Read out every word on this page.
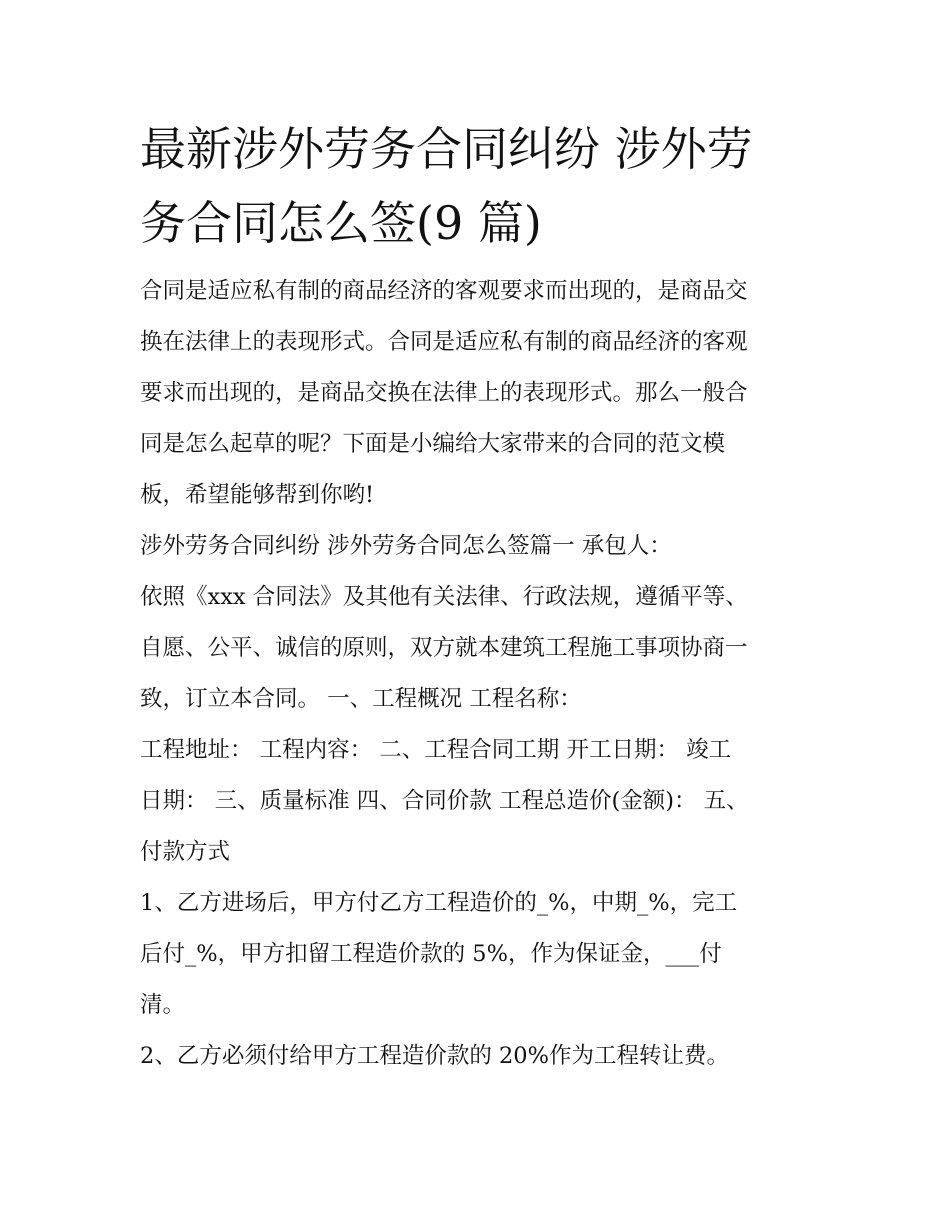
最新涉外劳务合同纠纷 涉外劳
务合同怎么签(9 篇)

合同是适应私有制的商品经济的客观要求而出现的，是商品交
换在法律上的表现形式。合同是适应私有制的商品经济的客观
要求而出现的，是商品交换在法律上的表现形式。那么一般合
同是怎么起草的呢？下面是小编给大家带来的合同的范文模
板，希望能够帮到你哟!

涉外劳务合同纠纷 涉外劳务合同怎么签篇一 承包人：

依照《xxx 合同法》及其他有关法律、行政法规，遵循平等、
自愿、公平、诚信的原则，双方就本建筑工程施工事项协商一
致，订立本合同。 一、工程概况 工程名称：

工程地址： 工程内容： 二、工程合同工期 开工日期： 竣工
日期： 三、质量标准 四、合同价款 工程总造价(金额)： 五、
付款方式

1、乙方进场后，甲方付乙方工程造价的_%，中期_%，完工
后付_%，甲方扣留工程造价款的 5%，作为保证金，___付
清。

2、乙方必须付给甲方工程造价款的 20%作为工程转让费。
